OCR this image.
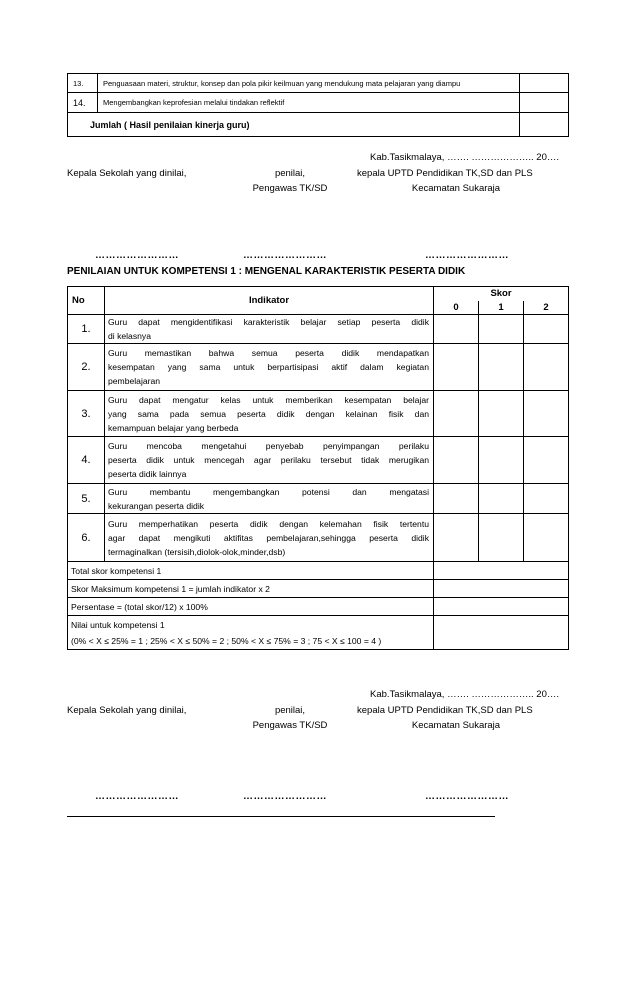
13.	Penguasaan materi, struktur, konsep dan pola pikir keilmuan yang mendukung mata pelajaran yang diampu	
14.	Mengembangkan keprofesian melalui tindakan reflektif	
Jumlah ( Hasil penilaian kinerja guru)		
Kab.Tasikmalaya, ……. ……………….. 20….
Kepala Sekolah yang dinilai,	penilai,
Pengawas TK/SD
kepala UPTD Pendidikan TK,SD dan PLS
Kecamatan Sukaraja
……………………	……………………	……………………
PENILAIAN UNTUK KOMPETENSI 1 : MENGENAL KARAKTERISTIK PESERTA DIDIK
No	Indikator	Skor		
		0	1	2
1.	Guru dapat mengidentifikasi karakteristik belajar setiap peserta didik
di kelasnya			

2.	Guru memastikan bahwa semua peserta didik mendapatkan
kesempatan yang sama untuk berpartisipasi aktif dalam kegiatan
pembelajaran			

3.	Guru dapat mengatur kelas untuk memberikan kesempatan belajar
yang sama pada semua peserta didik dengan kelainan fisik dan
kemampuan belajar yang berbeda			

4.	Guru mencoba mengetahui penyebab penyimpangan perilaku
peserta didik untuk mencegah agar perilaku tersebut tidak merugikan
peserta didik lainnya			

5.	Guru membantu mengembangkan potensi dan mengatasi
kekurangan peserta didik			

6.	Guru memperhatikan peserta didik dengan kelemahan fisik tertentu
agar dapat mengikuti aktifitas pembelajaran,sehingga peserta didik
termaginalkan (tersisih,diolok-olok,minder,dsb)			

Total skor kompetensi 1				
Skor Maksimum kompetensi 1 = jumlah indikator x 2				
Persentase = (total skor/12) x 100%				

Nilai untuk kompetensi 1
(0% < X ≤ 25% = 1 ; 25% < X ≤ 50% = 2 ; 50% < X ≤ 75% = 3 ; 75 < X ≤ 100 = 4 )				

Kab.Tasikmalaya, ……. ……………….. 20….
Kepala Sekolah yang dinilai,	penilai,
Pengawas TK/SD
kepala UPTD Pendidikan TK,SD dan PLS
Kecamatan Sukaraja
……………………	……………………	……………………
